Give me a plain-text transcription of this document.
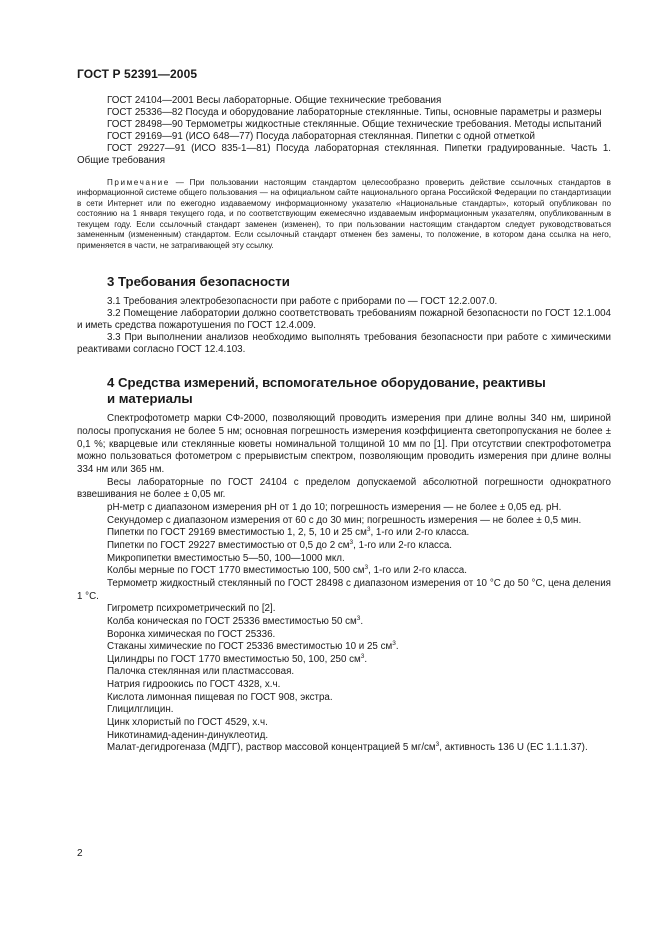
ГОСТ Р 52391—2005

ГОСТ 24104—2001 Весы лабораторные. Общие технические требования

ГОСТ 25336—82 Посуда и оборудование лабораторные стеклянные. Типы, основные параметры и размеры

ГОСТ 28498—90 Термометры жидкостные стеклянные. Общие технические требования. Методы испытаний

ГОСТ 29169—91 (ИСО 648—77) Посуда лабораторная стеклянная. Пипетки с одной отметкой

ГОСТ 29227—91 (ИСО 835-1—81) Посуда лабораторная стеклянная. Пипетки градуированные. Часть 1. Общие требования

Примечание — При пользовании настоящим стандартом целесообразно проверить действие ссылочных стандартов в информационной системе общего пользования — на официальном сайте национального органа Российской Федерации по стандартизации в сети Интернет или по ежегодно издаваемому информационному указателю «Национальные стандарты», который опубликован по состоянию на 1 января текущего года, и по соответствующим ежемесячно издаваемым информационным указателям, опубликованным в текущем году. Если ссылочный стандарт заменен (изменен), то при пользовании настоящим стандартом следует руководствоваться замененным (измененным) стандартом. Если ссылочный стандарт отменен без замены, то положение, в котором дана ссылка на него, применяется в части, не затрагивающей эту ссылку.

3 Требования безопасности

3.1 Требования электробезопасности при работе с приборами по — ГОСТ 12.2.007.0.

3.2 Помещение лаборатории должно соответствовать требованиям пожарной безопасности по ГОСТ 12.1.004 и иметь средства пожаротушения по ГОСТ 12.4.009.

3.3 При выполнении анализов необходимо выполнять требования безопасности при работе с химическими реактивами согласно ГОСТ 12.4.103.

4 Средства измерений, вспомогательное оборудование, реактивы
и материалы

Спектрофотометр марки СФ-2000, позволяющий проводить измерения при длине волны 340 нм, шириной полосы пропускания не более 5 нм; основная погрешность измерения коэффициента светопропускания не более ± 0,1 %; кварцевые или стеклянные кюветы номинальной толщиной 10 мм по [1]. При отсутствии спектрофотометра можно пользоваться фотометром с прерывистым спектром, позволяющим проводить измерения при длине волны 334 нм или 365 нм.

Весы лабораторные по ГОСТ 24104 с пределом допускаемой абсолютной погрешности однократного взвешивания не более ± 0,05 мг.

рН-метр с диапазоном измерения рН от 1 до 10; погрешность измерения — не более ± 0,05 ед. рН.

Секундомер с диапазоном измерения от 60 с до 30 мин; погрешность измерения — не более ± 0,5 мин.

Пипетки по ГОСТ 29169 вместимостью 1, 2, 5, 10 и 25 $см^3$, 1-го или 2-го класса.

Пипетки по ГОСТ 29227 вместимостью от 0,5 до 2 $см^3$, 1-го или 2-го класса.

Микропипетки вместимостью 5—50, 100—1000 мкл.

Колбы мерные по ГОСТ 1770 вместимостью 100, 500 $см^3$, 1-го или 2-го класса.

Термометр жидкостный стеклянный по ГОСТ 28498 с диапазоном измерения от 10 °С до 50 °С, цена деления 1 °С.

Гигрометр психрометрический по [2].

Колба коническая по ГОСТ 25336 вместимостью 50 $см^3$.

Воронка химическая по ГОСТ 25336.

Стаканы химические по ГОСТ 25336 вместимостью 10 и 25 $см^3$.

Цилиндры по ГОСТ 1770 вместимостью 50, 100, 250 $см^3$.

Палочка стеклянная или пластмассовая.

Натрия гидроокись по ГОСТ 4328, х.ч.

Кислота лимонная пищевая по ГОСТ 908, экстра.

Глицилглицин.

Цинк хлористый по ГОСТ 4529, х.ч.

Никотинамид-аденин-динуклеотид.

Малат-дегидрогеназа (МДГГ), раствор массовой концентрацией 5 $мг/см^3$, активность 136 U (ЕС 1.1.1.37).

2
